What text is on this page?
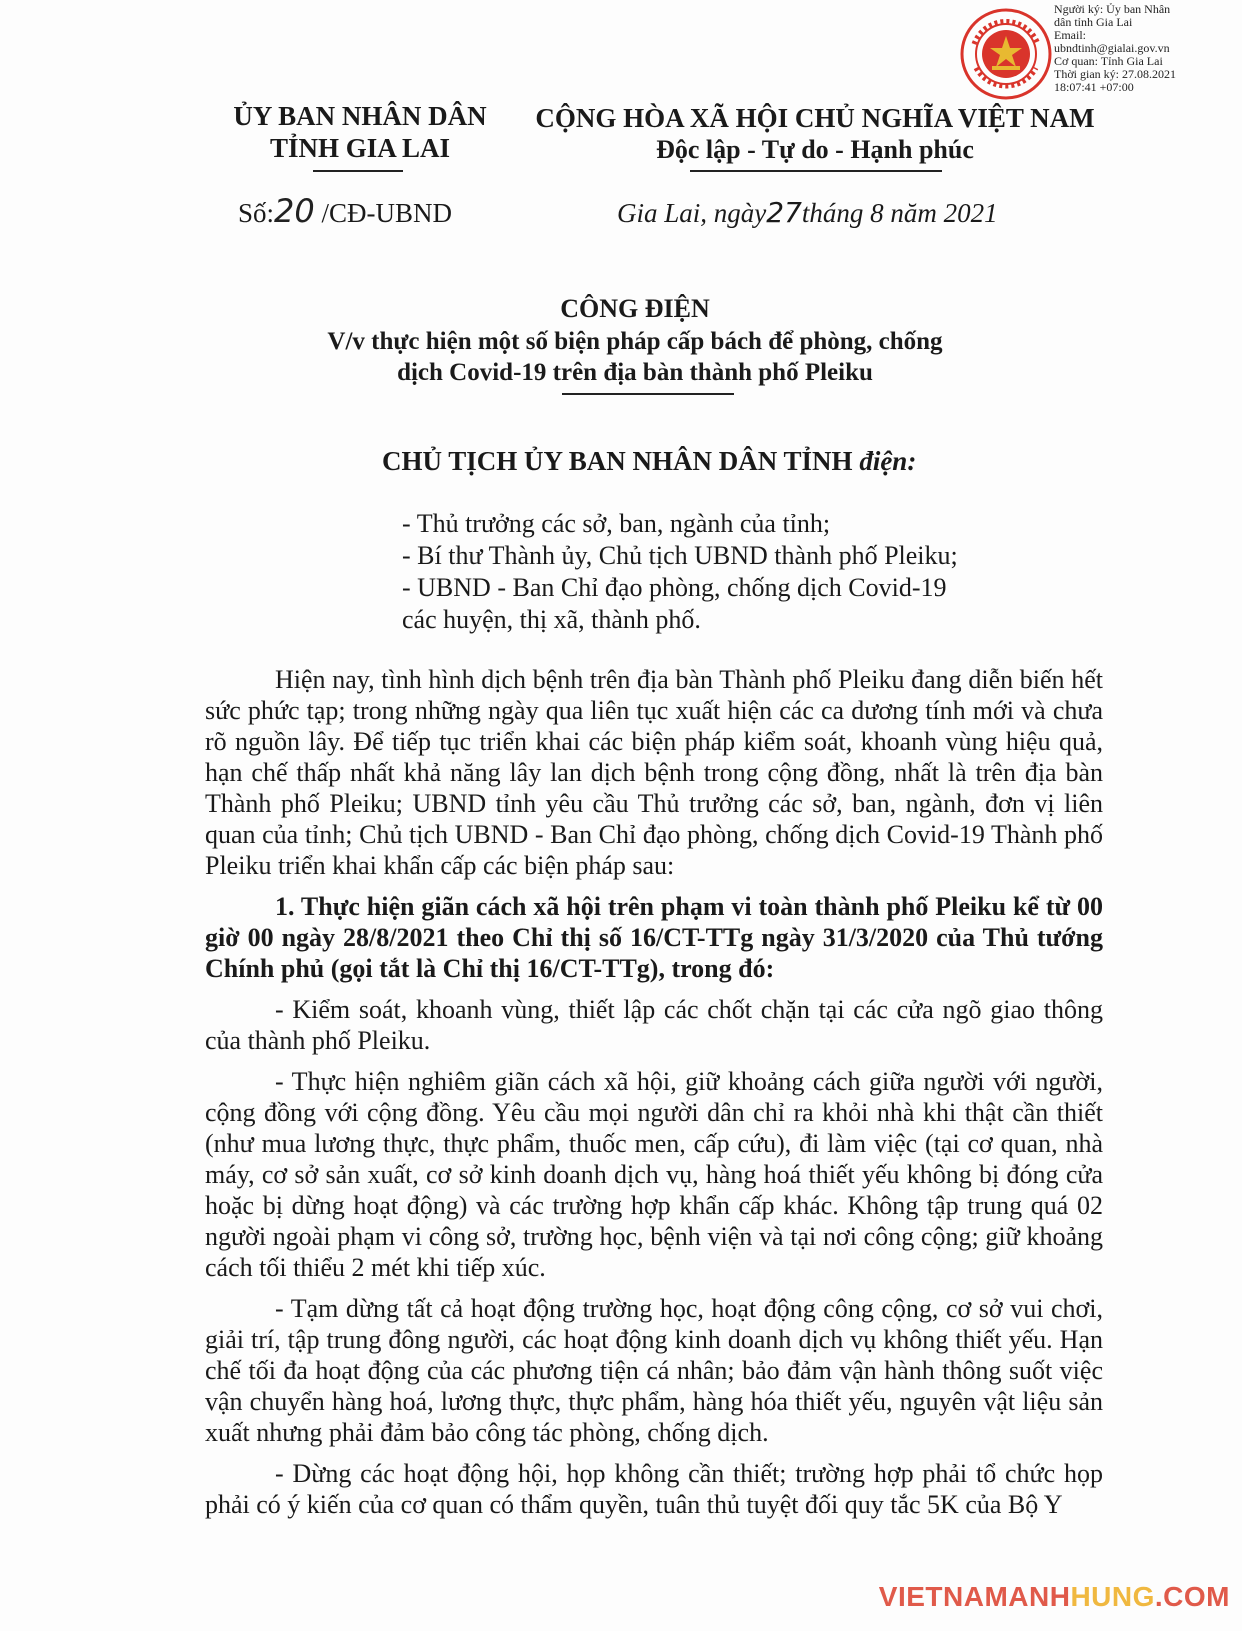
Người ký: Ủy ban Nhân
dân tỉnh Gia Lai
Email:
ubndtinh@gialai.gov.vn
Cơ quan: Tỉnh Gia Lai
Thời gian ký: 27.08.2021
18:07:41 +07:00
ỦY BAN NHÂN DÂN
TỈNH GIA LAI
CỘNG HÒA XÃ HỘI CHỦ NGHĨA VIỆT NAM
Độc lập - Tự do - Hạnh phúc
Số:20 /CĐ-UBND	Gia Lai, ngày27tháng 8 năm 2021
CÔNG ĐIỆN
V/v thực hiện một số biện pháp cấp bách để phòng, chống
dịch Covid-19 trên địa bàn thành phố Pleiku
CHỦ TỊCH ỦY BAN NHÂN DÂN TỈNH điện:
- Thủ trưởng các sở, ban, ngành của tỉnh;
- Bí thư Thành ủy, Chủ tịch UBND thành phố Pleiku;
- UBND - Ban Chỉ đạo phòng, chống dịch Covid-19
các huyện, thị xã, thành phố.

Hiện nay, tình hình dịch bệnh trên địa bàn Thành phố Pleiku đang diễn biến hết sức phức tạp; trong những ngày qua liên tục xuất hiện các ca dương tính mới và chưa rõ nguồn lây. Để tiếp tục triển khai các biện pháp kiểm soát, khoanh vùng hiệu quả, hạn chế thấp nhất khả năng lây lan dịch bệnh trong cộng đồng, nhất là trên địa bàn Thành phố Pleiku; UBND tỉnh yêu cầu Thủ trưởng các sở, ban, ngành, đơn vị liên quan của tỉnh; Chủ tịch UBND - Ban Chỉ đạo phòng, chống dịch Covid-19 Thành phố Pleiku triển khai khẩn cấp các biện pháp sau:

1. Thực hiện giãn cách xã hội trên phạm vi toàn thành phố Pleiku kể từ 00 giờ 00 ngày 28/8/2021 theo Chỉ thị số 16/CT-TTg ngày 31/3/2020 của Thủ tướng Chính phủ (gọi tắt là Chỉ thị 16/CT-TTg), trong đó:

- Kiểm soát, khoanh vùng, thiết lập các chốt chặn tại các cửa ngõ giao thông của thành phố Pleiku.

- Thực hiện nghiêm giãn cách xã hội, giữ khoảng cách giữa người với người, cộng đồng với cộng đồng. Yêu cầu mọi người dân chỉ ra khỏi nhà khi thật cần thiết (như mua lương thực, thực phẩm, thuốc men, cấp cứu), đi làm việc (tại cơ quan, nhà máy, cơ sở sản xuất, cơ sở kinh doanh dịch vụ, hàng hoá thiết yếu không bị đóng cửa hoặc bị dừng hoạt động) và các trường hợp khẩn cấp khác. Không tập trung quá 02 người ngoài phạm vi công sở, trường học, bệnh viện và tại nơi công cộng; giữ khoảng cách tối thiểu 2 mét khi tiếp xúc.

- Tạm dừng tất cả hoạt động trường học, hoạt động công cộng, cơ sở vui chơi, giải trí, tập trung đông người, các hoạt động kinh doanh dịch vụ không thiết yếu. Hạn chế tối đa hoạt động của các phương tiện cá nhân; bảo đảm vận hành thông suốt việc vận chuyển hàng hoá, lương thực, thực phẩm, hàng hóa thiết yếu, nguyên vật liệu sản xuất nhưng phải đảm bảo công tác phòng, chống dịch.

- Dừng các hoạt động hội, họp không cần thiết; trường hợp phải tổ chức họp phải có ý kiến của cơ quan có thẩm quyền, tuân thủ tuyệt đối quy tắc 5K của Bộ Y

VIETNAMANHHUNG.COM
